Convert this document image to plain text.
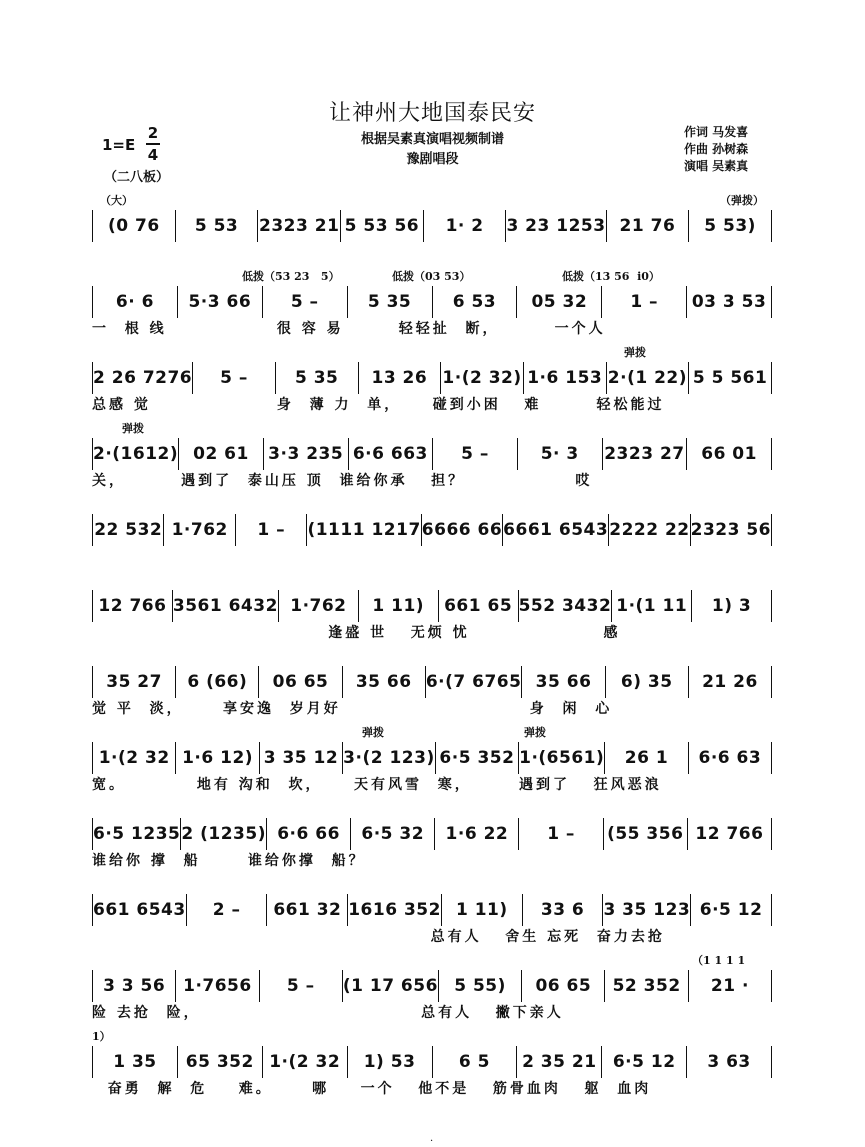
让神州大地国泰民安
根据吴素真演唱视频制谱
豫剧唱段
1=E
2
4
（二八板）
作词 马发喜
作曲 孙树森
演唱 吴素真
（大）	（弹拨）
(0 76	5 53	2323 21 5 53 56	1· 2	3 23 1253 21 76	5 53)
低拨（53 23   5）	低拨（03 53）	低拨（13 56  i0）
6· 6	5·3 66	5 –	5 35	6 53	05 32	1 –	03 3 53
一  根 线              很 容 易       轻轻扯  断，       一个人
弹拨
2 26 7276	5 –	5 35	13 26 1·(2 32) 1·6 153 2·(1 22) 5 5 561
总感 觉                身  薄 力  单，    碰到小困   难       轻松能过
弹拨
2·(1612) 02 61	3·3 235 6·6 663	5 –	5· 3	2323 27 66 01
关，       遇到了  泰山压 顶  谁给你承   担？              哎
22 532 1·762	1 –	(1111 1217 6666 66 6661 6543 2222 22 2323 56
12 766 3561 6432 1·762	1 11)	661 65 552 3432 1·(1 11	1) 3
逢盛 世   无烦 忧                 感
35 27	6 (66)	06 65	35 66 6·(7 6765 35 66	6) 35	21 26
觉 平  淡，     享安逸  岁月好                        身  闲  心
弹拨	弹拨
1·(2 32 1·6 12) 3 35 12 3·(2 123) 6·5 352 1·(6561)	26 1	6·6 63
宽。         地有 沟和  坎，    天有风雪  寒，      遇到了   狂风恶浪
6·5 1235 2 (1235) 6·6 66	6·5 32	1·6 22	1 –	(55 356 12 766
谁给你 撑  船      谁给你撑  船？
661 6543	2 –	661 32 1616 352 1 11)	33 6	3 35 123 6·5 12
总有人   舍生 忘死  奋力去抢
（1 1 1 1
3 3 56	1·7656	5 –	(1 17 656 5 55)	06 65	52 352	21 ·
险 去抢  险，                            总有人   撇下亲人
1）
1 35	65 352 1·(2 32	1) 53	6 5	2 35 21 6·5 12	3 63
奋勇  解  危    难。     哪    一个   他不是   筋骨血肉   躯  血肉
·
